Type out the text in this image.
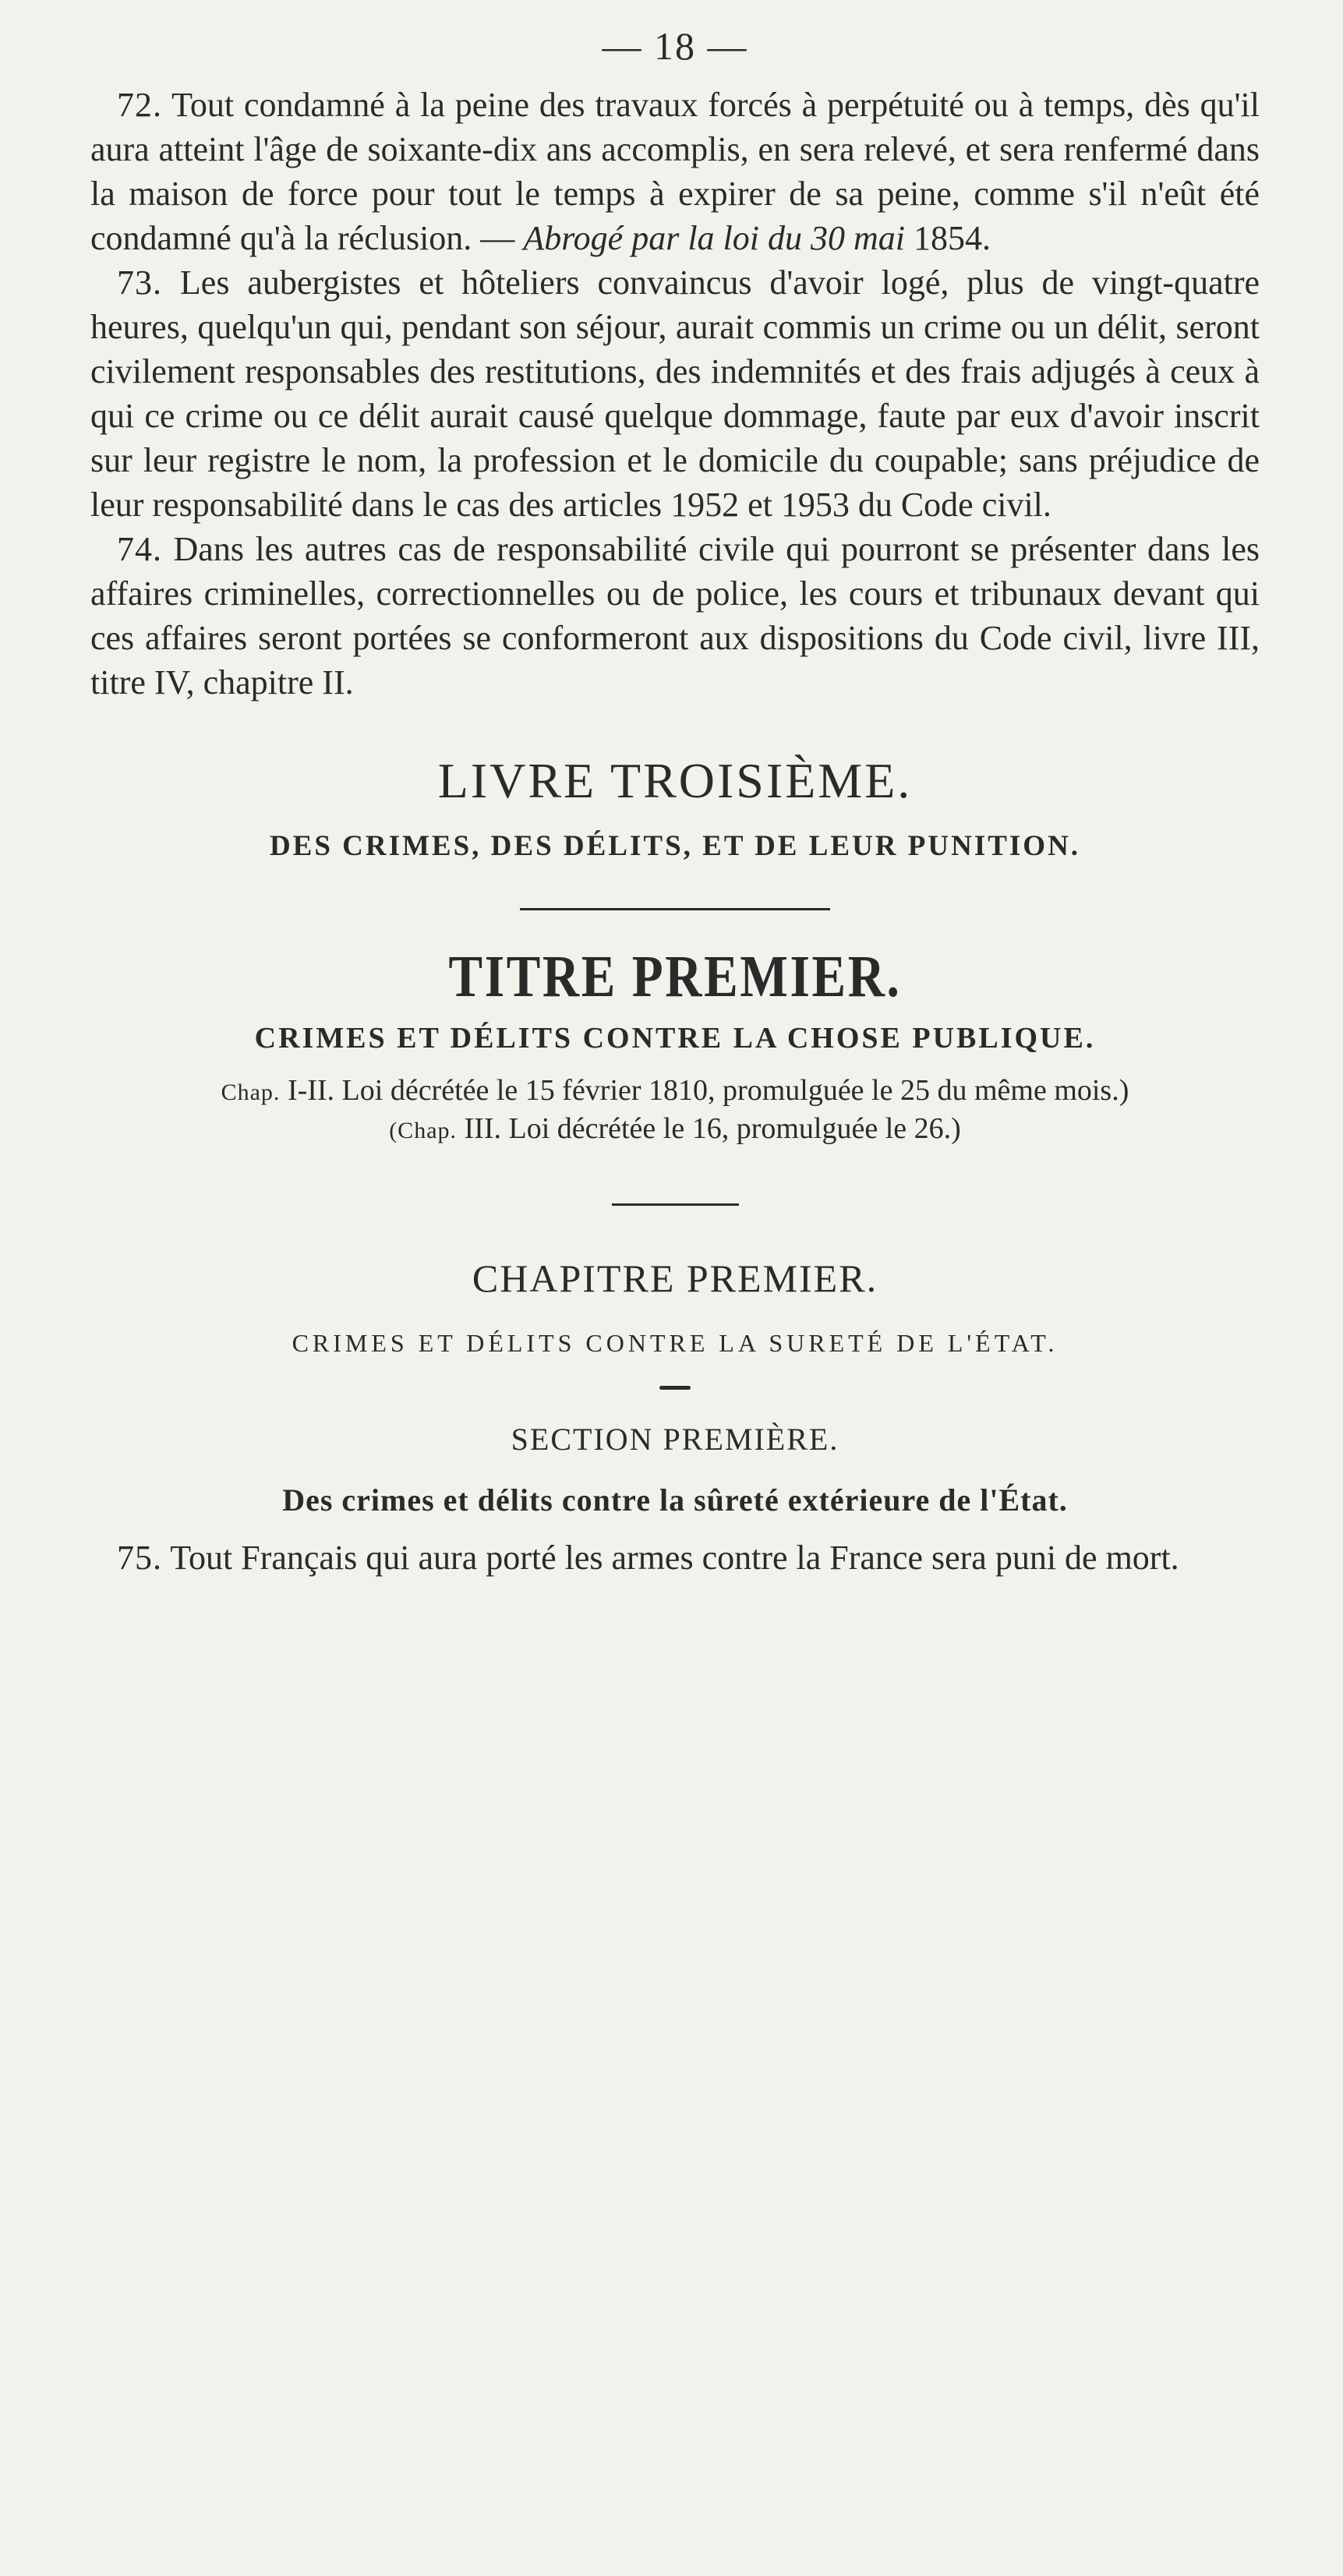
— 18 —

72. Tout condamné à la peine des travaux forcés à perpétuité ou à temps, dès qu'il aura atteint l'âge de soixante-dix ans accomplis, en sera relevé, et sera renfermé dans la maison de force pour tout le temps à expirer de sa peine, comme s'il n'eût été condamné qu'à la réclusion. — Abrogé par la loi du 30 mai 1854.

73. Les aubergistes et hôteliers convaincus d'avoir logé, plus de vingt-quatre heures, quelqu'un qui, pendant son séjour, aurait commis un crime ou un délit, seront civilement responsables des restitutions, des indemnités et des frais adjugés à ceux à qui ce crime ou ce délit aurait causé quelque dommage, faute par eux d'avoir inscrit sur leur registre le nom, la profession et le domicile du coupable; sans préjudice de leur responsabilité dans le cas des articles 1952 et 1953 du Code civil.

74. Dans les autres cas de responsabilité civile qui pourront se présenter dans les affaires criminelles, correctionnelles ou de police, les cours et tribunaux devant qui ces affaires seront portées se conformeront aux dispositions du Code civil, livre III, titre IV, chapitre II.

LIVRE TROISIÈME.

DES CRIMES, DES DÉLITS, ET DE LEUR PUNITION.

TITRE PREMIER.

CRIMES ET DÉLITS CONTRE LA CHOSE PUBLIQUE.

Chap. I-II. Loi décrétée le 15 février 1810, promulguée le 25 du même mois.)

(Chap. III. Loi décrétée le 16, promulguée le 26.)

CHAPITRE PREMIER.

CRIMES ET DÉLITS CONTRE LA SURETÉ DE L'ÉTAT.

SECTION PREMIÈRE.

Des crimes et délits contre la sûreté extérieure de l'État.

75. Tout Français qui aura porté les armes contre la France sera puni de mort.
